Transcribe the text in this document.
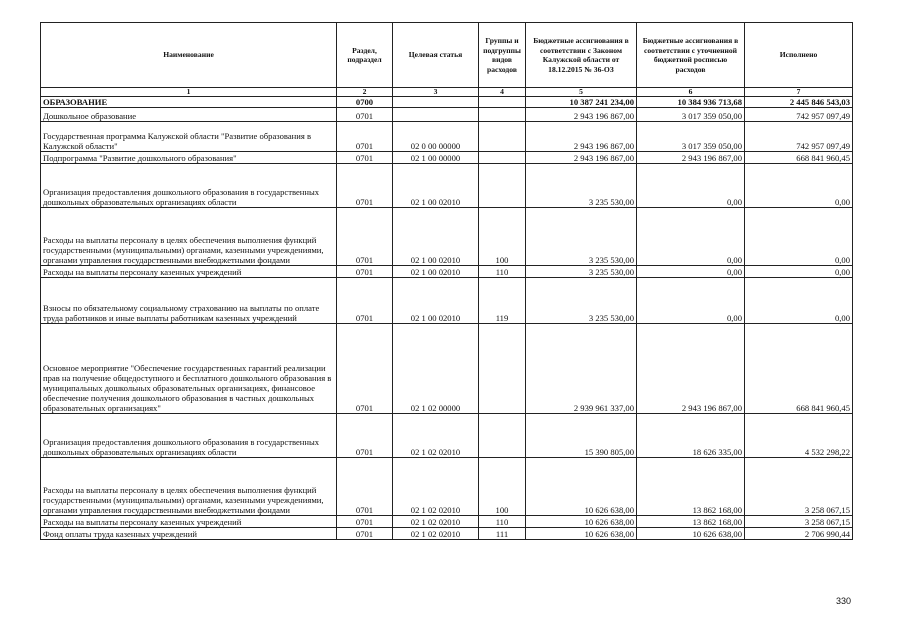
Наименование	Раздел, подраздел	Целевая статья	Группы и подгруппы видов расходов	Бюджетные ассигнования в соответствии с Законом Калужской области от 18.12.2015 № 36-ОЗ	Бюджетные ассигнования в соответствии с уточненной бюджетной росписью расходов	Исполнено
1	2	3	4	5	6	7
ОБРАЗОВАНИЕ	0700			10 387 241 234,00	10 384 936 713,68	2 445 846 543,03
Дошкольное образование	0701			2 943 196 867,00	3 017 359 050,00	742 957 097,49
Государственная программа Калужской области "Развитие образования в Калужской области"	0701	02 0 00 00000		2 943 196 867,00	3 017 359 050,00	742 957 097,49
Подпрограмма "Развитие дошкольного образования"	0701	02 1 00 00000		2 943 196 867,00	2 943 196 867,00	668 841 960,45
Организация предоставления дошкольного образования в государственных дошкольных образовательных организациях области	0701	02 1 00 02010		3 235 530,00	0,00	0,00
Расходы на выплаты персоналу в целях обеспечения выполнения функций государственными (муниципальными) органами, казенными учреждениями, органами управления государственными внебюджетными фондами	0701	02 1 00 02010	100	3 235 530,00	0,00	0,00
Расходы на выплаты персоналу казенных учреждений	0701	02 1 00 02010	110	3 235 530,00	0,00	0,00
Взносы по обязательному социальному страхованию на выплаты по оплате труда работников и иные выплаты работникам казенных учреждений	0701	02 1 00 02010	119	3 235 530,00	0,00	0,00
Основное мероприятие "Обеспечение государственных гарантий реализации прав на получение общедоступного и бесплатного дошкольного образования в муниципальных дошкольных образовательных организациях, финансовое обеспечение получения дошкольного образования в частных дошкольных образовательных организациях"	0701	02 1 02 00000		2 939 961 337,00	2 943 196 867,00	668 841 960,45
Организация предоставления дошкольного образования в государственных дошкольных образовательных организациях области	0701	02 1 02 02010		15 390 805,00	18 626 335,00	4 532 298,22
Расходы на выплаты персоналу в целях обеспечения выполнения функций государственными (муниципальными) органами, казенными учреждениями, органами управления государственными внебюджетными фондами	0701	02 1 02 02010	100	10 626 638,00	13 862 168,00	3 258 067,15
Расходы на выплаты персоналу казенных учреждений	0701	02 1 02 02010	110	10 626 638,00	13 862 168,00	3 258 067,15
Фонд оплаты труда казенных учреждений	0701	02 1 02 02010	111	10 626 638,00	10 626 638,00	2 706 990,44
330
